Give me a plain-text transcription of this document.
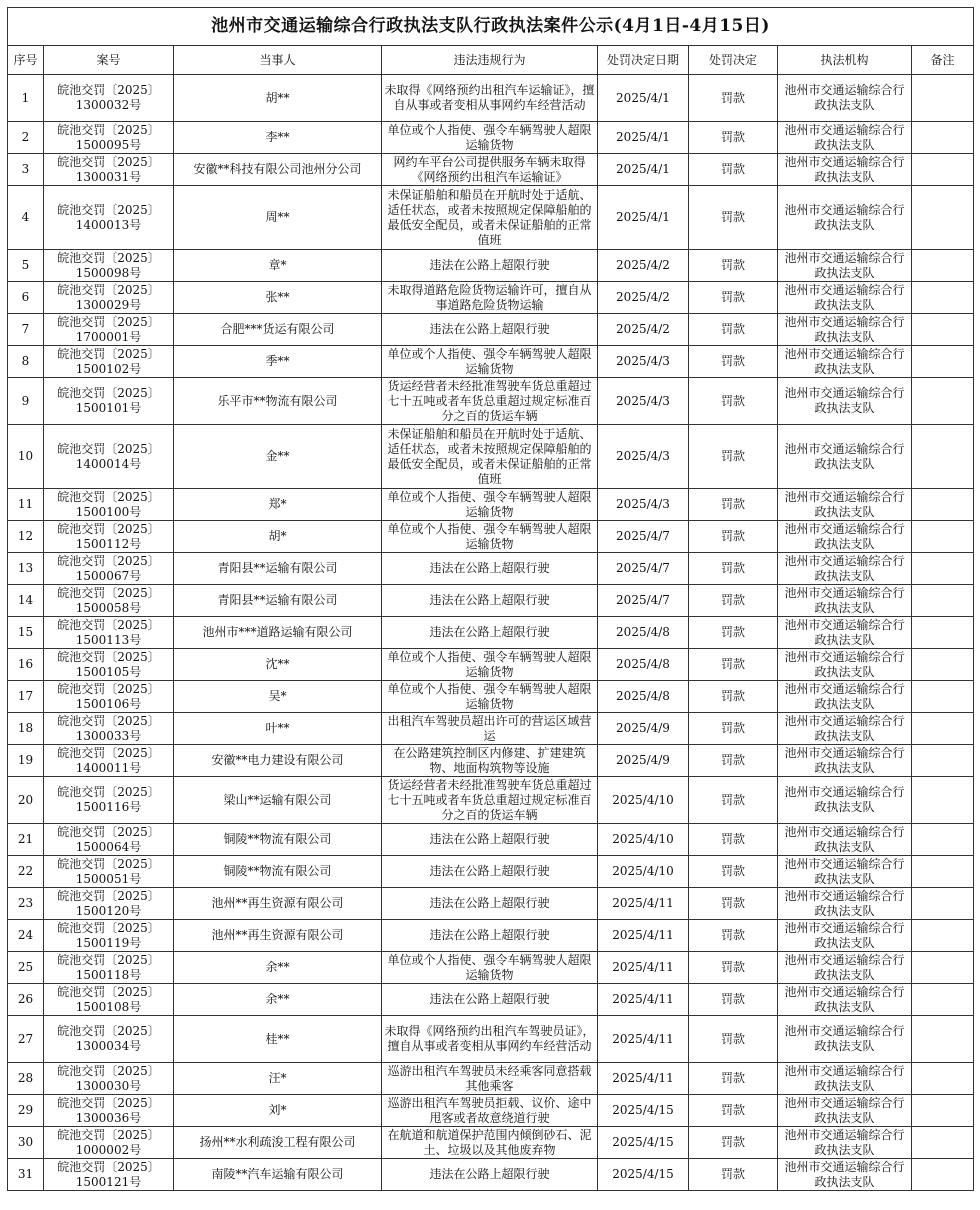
池州市交通运输综合行政执法支队行政执法案件公示(4月1日-4月15日)							
序号	案号	当事人	违法违规行为	处罚决定日期	处罚决定	执法机构	备注
1	皖池交罚〔2025〕1300032号	胡**	未取得《网络预约出租汽车运输证》，擅自从事或者变相从事网约车经营活动	2025/4/1	罚款	池州市交通运输综合行政执法支队	
2	皖池交罚〔2025〕1500095号	李**	单位或个人指使、强令车辆驾驶人超限运输货物	2025/4/1	罚款	池州市交通运输综合行政执法支队	
3	皖池交罚〔2025〕1300031号	安徽**科技有限公司池州分公司	网约车平台公司提供服务车辆未取得《网络预约出租汽车运输证》	2025/4/1	罚款	池州市交通运输综合行政执法支队	
4	皖池交罚〔2025〕1400013号	周**	未保证船舶和船员在开航时处于适航、适任状态，或者未按照规定保障船舶的最低安全配员，或者未保证船舶的正常值班	2025/4/1	罚款	池州市交通运输综合行政执法支队	
5	皖池交罚〔2025〕1500098号	章*	违法在公路上超限行驶	2025/4/2	罚款	池州市交通运输综合行政执法支队	
6	皖池交罚〔2025〕1300029号	张**	未取得道路危险货物运输许可，擅自从事道路危险货物运输	2025/4/2	罚款	池州市交通运输综合行政执法支队	
7	皖池交罚〔2025〕1700001号	合肥***货运有限公司	违法在公路上超限行驶	2025/4/2	罚款	池州市交通运输综合行政执法支队	
8	皖池交罚〔2025〕1500102号	季**	单位或个人指使、强令车辆驾驶人超限运输货物	2025/4/3	罚款	池州市交通运输综合行政执法支队	
9	皖池交罚〔2025〕1500101号	乐平市**物流有限公司	货运经营者未经批准驾驶车货总重超过七十五吨或者车货总重超过规定标准百分之百的货运车辆	2025/4/3	罚款	池州市交通运输综合行政执法支队	
10	皖池交罚〔2025〕1400014号	金**	未保证船舶和船员在开航时处于适航、适任状态，或者未按照规定保障船舶的最低安全配员，或者未保证船舶的正常值班	2025/4/3	罚款	池州市交通运输综合行政执法支队	
11	皖池交罚〔2025〕1500100号	郑*	单位或个人指使、强令车辆驾驶人超限运输货物	2025/4/3	罚款	池州市交通运输综合行政执法支队	
12	皖池交罚〔2025〕1500112号	胡*	单位或个人指使、强令车辆驾驶人超限运输货物	2025/4/7	罚款	池州市交通运输综合行政执法支队	
13	皖池交罚〔2025〕1500067号	青阳县**运输有限公司	违法在公路上超限行驶	2025/4/7	罚款	池州市交通运输综合行政执法支队	
14	皖池交罚〔2025〕1500058号	青阳县**运输有限公司	违法在公路上超限行驶	2025/4/7	罚款	池州市交通运输综合行政执法支队	
15	皖池交罚〔2025〕1500113号	池州市***道路运输有限公司	违法在公路上超限行驶	2025/4/8	罚款	池州市交通运输综合行政执法支队	
16	皖池交罚〔2025〕1500105号	沈**	单位或个人指使、强令车辆驾驶人超限运输货物	2025/4/8	罚款	池州市交通运输综合行政执法支队	
17	皖池交罚〔2025〕1500106号	吴*	单位或个人指使、强令车辆驾驶人超限运输货物	2025/4/8	罚款	池州市交通运输综合行政执法支队	
18	皖池交罚〔2025〕1300033号	叶**	出租汽车驾驶员超出许可的营运区域营运	2025/4/9	罚款	池州市交通运输综合行政执法支队	
19	皖池交罚〔2025〕1400011号	安徽**电力建设有限公司	在公路建筑控制区内修建、扩建建筑物、地面构筑物等设施	2025/4/9	罚款	池州市交通运输综合行政执法支队	
20	皖池交罚〔2025〕1500116号	梁山**运输有限公司	货运经营者未经批准驾驶车货总重超过七十五吨或者车货总重超过规定标准百分之百的货运车辆	2025/4/10	罚款	池州市交通运输综合行政执法支队	
21	皖池交罚〔2025〕1500064号	铜陵**物流有限公司	违法在公路上超限行驶	2025/4/10	罚款	池州市交通运输综合行政执法支队	
22	皖池交罚〔2025〕1500051号	铜陵**物流有限公司	违法在公路上超限行驶	2025/4/10	罚款	池州市交通运输综合行政执法支队	
23	皖池交罚〔2025〕1500120号	池州**再生资源有限公司	违法在公路上超限行驶	2025/4/11	罚款	池州市交通运输综合行政执法支队	
24	皖池交罚〔2025〕1500119号	池州**再生资源有限公司	违法在公路上超限行驶	2025/4/11	罚款	池州市交通运输综合行政执法支队	
25	皖池交罚〔2025〕1500118号	余**	单位或个人指使、强令车辆驾驶人超限运输货物	2025/4/11	罚款	池州市交通运输综合行政执法支队	
26	皖池交罚〔2025〕1500108号	余**	违法在公路上超限行驶	2025/4/11	罚款	池州市交通运输综合行政执法支队	
27	皖池交罚〔2025〕1300034号	桂**	未取得《网络预约出租汽车驾驶员证》，擅自从事或者变相从事网约车经营活动	2025/4/11	罚款	池州市交通运输综合行政执法支队	
28	皖池交罚〔2025〕1300030号	汪*	巡游出租汽车驾驶员未经乘客同意搭载其他乘客	2025/4/11	罚款	池州市交通运输综合行政执法支队	
29	皖池交罚〔2025〕1300036号	刘*	巡游出租汽车驾驶员拒载、议价、途中甩客或者故意绕道行驶	2025/4/15	罚款	池州市交通运输综合行政执法支队	
30	皖池交罚〔2025〕1000002号	扬州**水利疏浚工程有限公司	在航道和航道保护范围内倾倒砂石、泥土、垃圾以及其他废弃物	2025/4/15	罚款	池州市交通运输综合行政执法支队	
31	皖池交罚〔2025〕1500121号	南陵**汽车运输有限公司	违法在公路上超限行驶	2025/4/15	罚款	池州市交通运输综合行政执法支队	
